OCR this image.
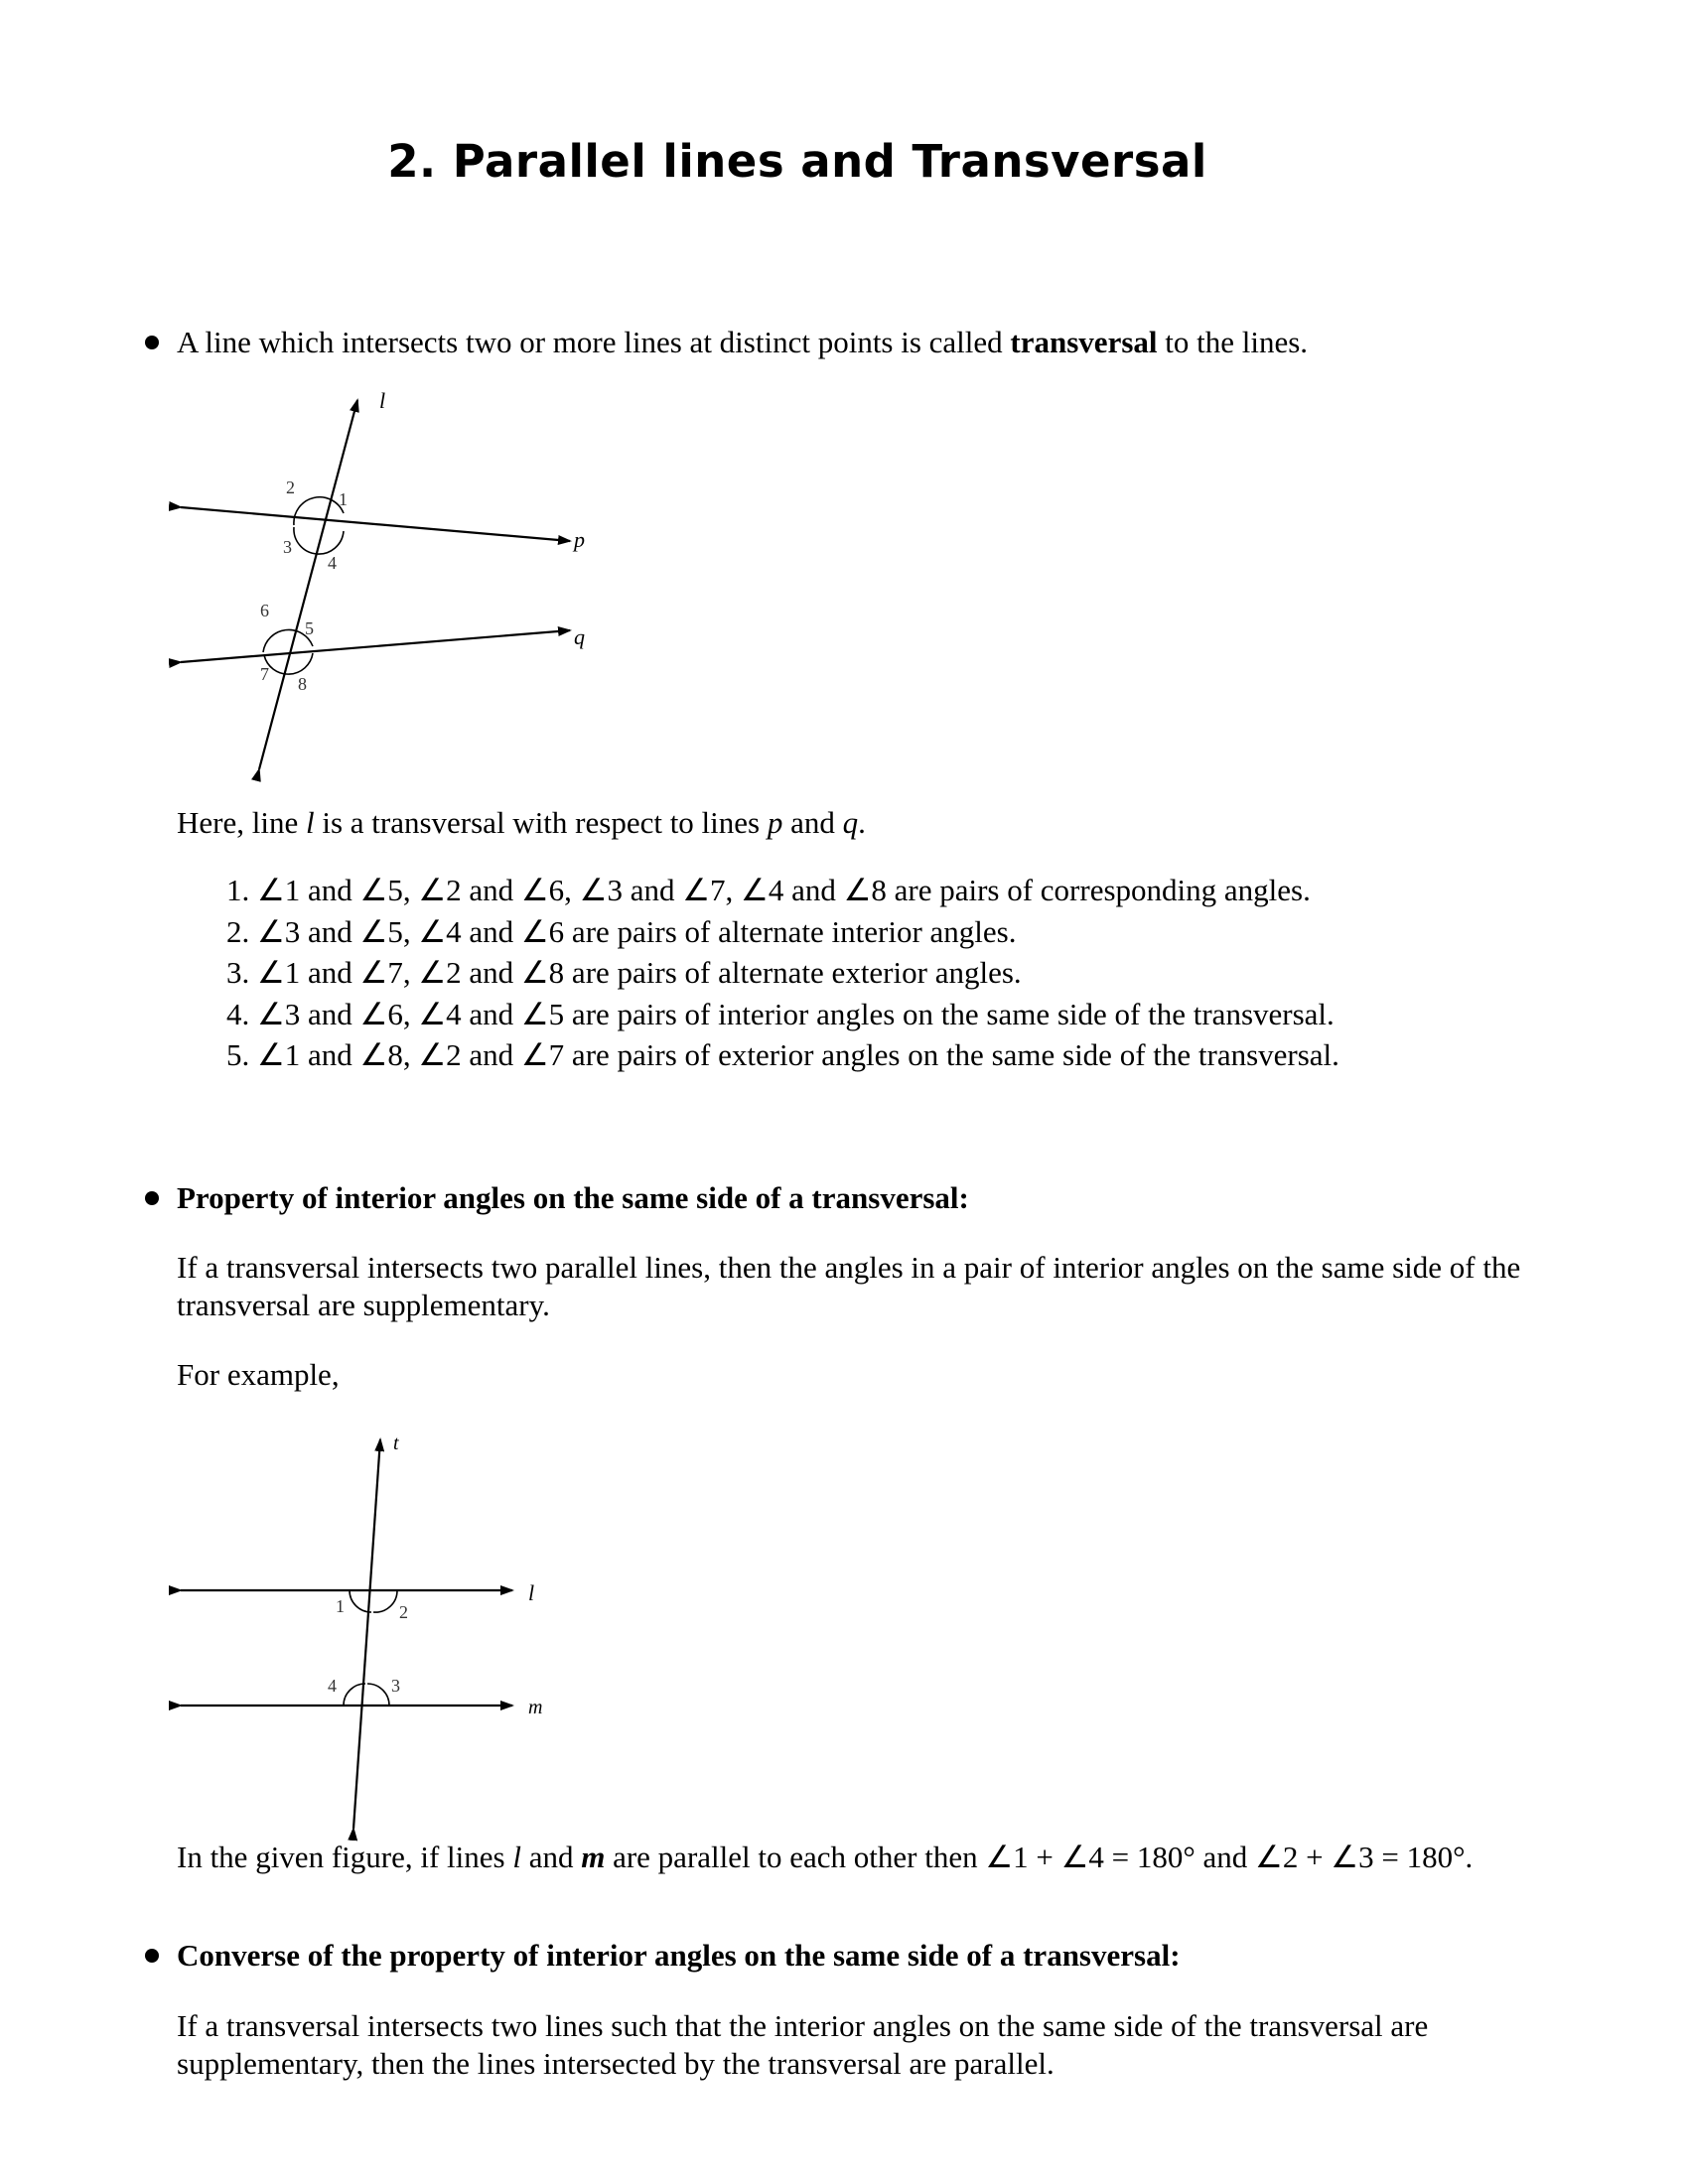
2. Parallel lines and Transversal

A line which intersects two or more lines at distinct points is called transversal to the lines.

l
p
q
1
2
3
4
5
6
7 8

Here, line l is a transversal with respect to lines p and q.

1. ∠1 and ∠5, ∠2 and ∠6, ∠3 and ∠7, ∠4 and ∠8 are pairs of corresponding angles.
2. ∠3 and ∠5, ∠4 and ∠6 are pairs of alternate interior angles.
3. ∠1 and ∠7, ∠2 and ∠8 are pairs of alternate exterior angles.
4. ∠3 and ∠6, ∠4 and ∠5 are pairs of interior angles on the same side of the transversal.
5. ∠1 and ∠8, ∠2 and ∠7 are pairs of exterior angles on the same side of the transversal.

Property of interior angles on the same side of a transversal:

If a transversal intersects two parallel lines, then the angles in a pair of interior angles on the same side of the transversal are supplementary.

For example,

t
l
m
1	2
3
4

In the given figure, if lines l and m are parallel to each other then ∠1 + ∠4 = 180° and ∠2 + ∠3 = 180°.

Converse of the property of interior angles on the same side of a transversal:

If a transversal intersects two lines such that the interior angles on the same side of the transversal are supplementary, then the lines intersected by the transversal are parallel.
